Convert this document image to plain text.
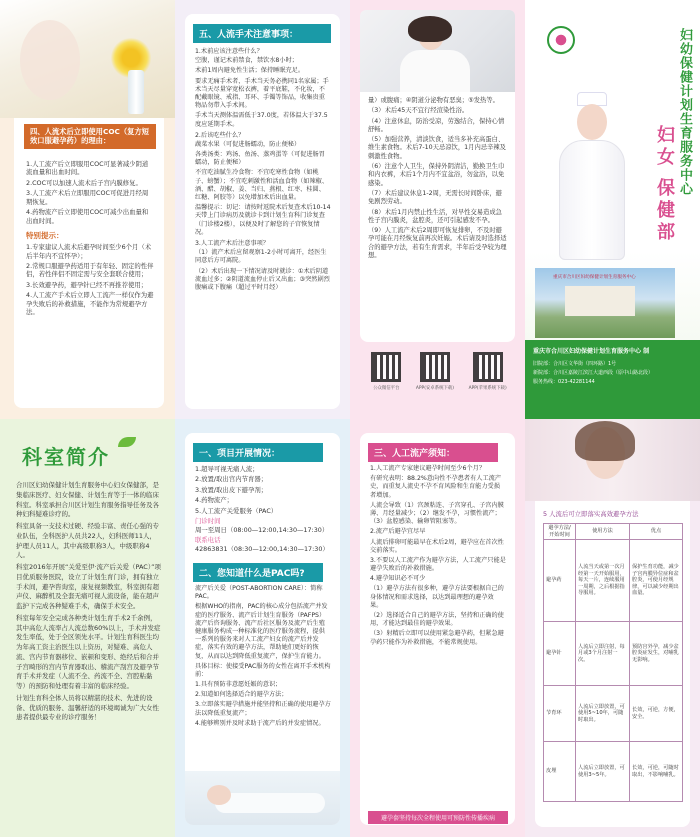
四、人流术后立即使用COC（复方短效口服避孕药）的理由：
1.人工流产后立即服用COC可显著减少阴道流血量和出血时间。
2.COC可以加速人流术后子宫内膜修复。
3.人工流产术后立即服用COC可促进月经周期恢复。
4.药物流产后立即使用COC可减少出血量和出血时间。
特别提示：
1.专家建议人流术后避孕时间至少6个月（术后半年内不宜怀孕）；
2.常规口服避孕药适用于有年轻、固定的性伴侣，若性伴侣不固定需与安全套联合使用；
3.长效避孕药，避孕针已经不再推荐使用；
4.人工流产手术后立即人工流产一样仅作为避孕失败后的补救措施，不能作为常规避孕方法。
五、人流手术注意事项：
1.术前应该注意些什么？
空腹，谨记术前禁食，禁饮水8小时；
术前1周内避免性生活；保持睡眠充足。
要求无痛手术者，手术当天务必携同1名家属；手术当天尽量穿宽松衣裤，着平底鞋，不化妆，不配戴眼镜、戒指、耳环、手镯等饰品，收集贵重物品勿带入手术间。
手术当天测体温需低于37.0度，若体温大于37.5度应延期手术。
2.后该吃些什么？
蔬菜水果（可促进肠蠕动，防止便秘）
各类汤类：鸡汤、鱼汤、蒸鸡蛋等（可促进肠胃蠕动，防止便秘）
不宜吃油腻生冷食物：不宜吃寒性食物（如桃子、螃蟹）；不宜吃刺激性和活血食物（如辣椒、酒、醋、胡椒、姜、当归、燕根、红枣、桂圆、红糖、阿胶等）以免增加术后出血量。
温馨提示：切记：请按时返院术后复查术后10-14天带上门诊病历及就诊卡到计划生育科门诊复查（门诊楼2楼），以便及时了解您的子宫恢复情况。
3.人工流产术后注意事项？
（1）流产术后应留观察1-2小时可离开，经医生同意后方可离院。
（2）术后出现一下情况请及时就诊：①术后阴道流血过多；②阴道流血停止后又出血；③突然剧烈腹痛或下腹痛（超过平时月经）
量）或腹痛；④阴道分泌物有恶臭；⑤发热等。
（3）术后45天不宜行经渲染性浴。
（4）注意休息，防治受凉，劳逸结合，保持心情舒畅。
（5）加强营养，清淡饮食，适当多补充高蛋白、维生素食物。术后7-10天忌凉饮，1月内忌辛辣及刺激性食物。
（6）注意个人卫生，保持外阴清洁，勤换卫生巾和内衣裤，术后1个月内不宜盆浴，勿盆浴，以免感染。
（7）术后建议休息1-2周，无需长时间卧床，避免剧烈劳动。
（8）术后1月内禁止性生活，对早性交易造成急性子宫内膜炎，盆腔炎，还可引起感发不孕。
（9）人工流产术后2周即可恢复排卵，不及时避孕可能在月经恢复前再次妊娠。术后请及时选择适合的避孕方法，若有生育需求，半年后受孕较为理想。
公众微信平台	APP(安卓系统下载)	APP(苹果系统下载)
妇幼保健计划生育服务中心
妇女
保健部
重庆市合川区妇幼保健计划生育服务中心
重庆市合川区妇幼保健计划生育服务中心 制
旧院部：合川区文华街（四环路）1号
新院部：合川区嘉陵江滨江大道西段（原中山路北段）
服务热线：023-42281144
科室简介
合川区妇幼保健计划生育服务中心妇女保健部，是集临床医疗、妇女保健、计划生育等于一体的临床科室。科室承担合川区计划生育服务指导任务及各种妇科疑难诊疗的。
科室具备一支技术过硬、经验丰富、责任心强的专业队伍，全科医护人员共22人，妇科医师11人，护理人员11人，其中高级职称3人，中级职称4人。
科室2016年开展“关爱至伊·流产后关爱（PAC）”项目优质服务医院，设立了计划生育门诊，拥有独立手术间，避孕咨询室，康复视频教室，科室拥有超声仪、麻醉机及全套无痛可视人流设备，能在超声监护下完成各种疑难手术，确保手术安全。
科室每年安全完成各种类计划生育手术2千余例，其中高危人流率占人流总数60%以上，手术并发症发生率低，处于全区领先水平。计划生育科医生均为年高工资主治医生以上资历，对疑难、高危人流、宫内节育器移位、嵌顿和变形、绝经后和合并子宫畸形的宫内节育器取出、稽流产刮宫及避孕节育手术并发症（人流不全、药流不全、宫腔粘黏等）的预防和处理有着丰富的临床经验。
计划生育科全体人员将以精湛的技术、先进的设备、优质的服务、温馨舒适的环境竭诚为广大女性患者提供最专业的诊疗服务！
一、项目开展情况：
1.超导可视无痛人流；
2.放置/取出宫内节育器；
3.放置/取出皮下避孕剂；
4.药物流产；
5.人工流产关爱服务（PAC）
门诊时间
周一至周日（08:00—12:00,14:30—17:30）
联系电话
42863831（08:30—12:00,14:30—17:30）
二、您知道什么是PAC吗?
流产后关爱（POST-ABORTION CARE）：简称PAC。
根据WHO的指南，PAC的核心成分包括流产并发症的医疗服务、流产后计划生育服务（PAFPS）流产后咨询服务、流产后社区服务及流产后生殖健康服务构成一种标准化的医疗服务流程，提供一系列的服务来对人工流产妇女的流产后并发症，落实有效的避孕方法，帮助她们更好的恢复，从而以达到降低重复流产，保护生育能力。
具体目标：使接受PAC服务的女性在离开手术机构前：
1.具有预防非意愿妊娠的意识；
2.知道如何选择适合的避孕方法；
3.立即落实避孕措施并能坚持和正确的使用避孕方法以降低重复流产；
4.能够辨别并及时求助于流产后的并发症情况。
三、人工流产须知：
1.人工流产专家建议避孕时间至少6个月？
有研究表明：88.2%意向性不孕患者有人工流产史，而重复人流史不孕不育风险和生育能力受损者增加。
人流会导致（1）宫颈粘连、子宫穿孔、子宫内膜薄、月经量减少；（2）继发不孕，习惯性流产；（3）盆腔感染、输卵管阻塞等。
2.流产后避孕宜尽早
人流后排卵可能最早在术后2周，避孕应在首次性交前落实。
3.不要以人工流产作为避孕方法，人工流产只能是避孕失败后的补救措施。
4.避孕知识必不可少
（1）避孕方法有很多种，避孕方法要根据自己的身体情况和需求选择，以达到最理想的避孕效果。
（2）选择适合自己的避孕方法，坚持和正确的使用，才能达到最佳的避孕效果。
（3）射精后立即可以使用紧急避孕药，但紧急避孕药只能作为补救措施，不能常规使用。
避孕套坚持每次全程使用可预防性传播疾病
5 人流后可立即落实高效避孕方法
避孕方法/开始时间	使用方法	优点
避孕药	人流当天或第一次月经第一天开始服用，每天一片，连续服用一周期，之后根据指导服用。	保护生育功能，减少子宫内膜异位症和盆腔炎，可使月经规律，可以减少经期出血量。
避孕针	人流后立即注射，每月或3个月注射一次。	预防宫外孕，减少盆腔炎症发生，对哺乳无影响。
节育环	人流后立即放置，可使用5~10年，可随时取出。	长效，可逆，方便，安全。
皮埋	人流后立即放置，可使用3~5年。	长效，可逆，可随时取出，不影响哺乳。
